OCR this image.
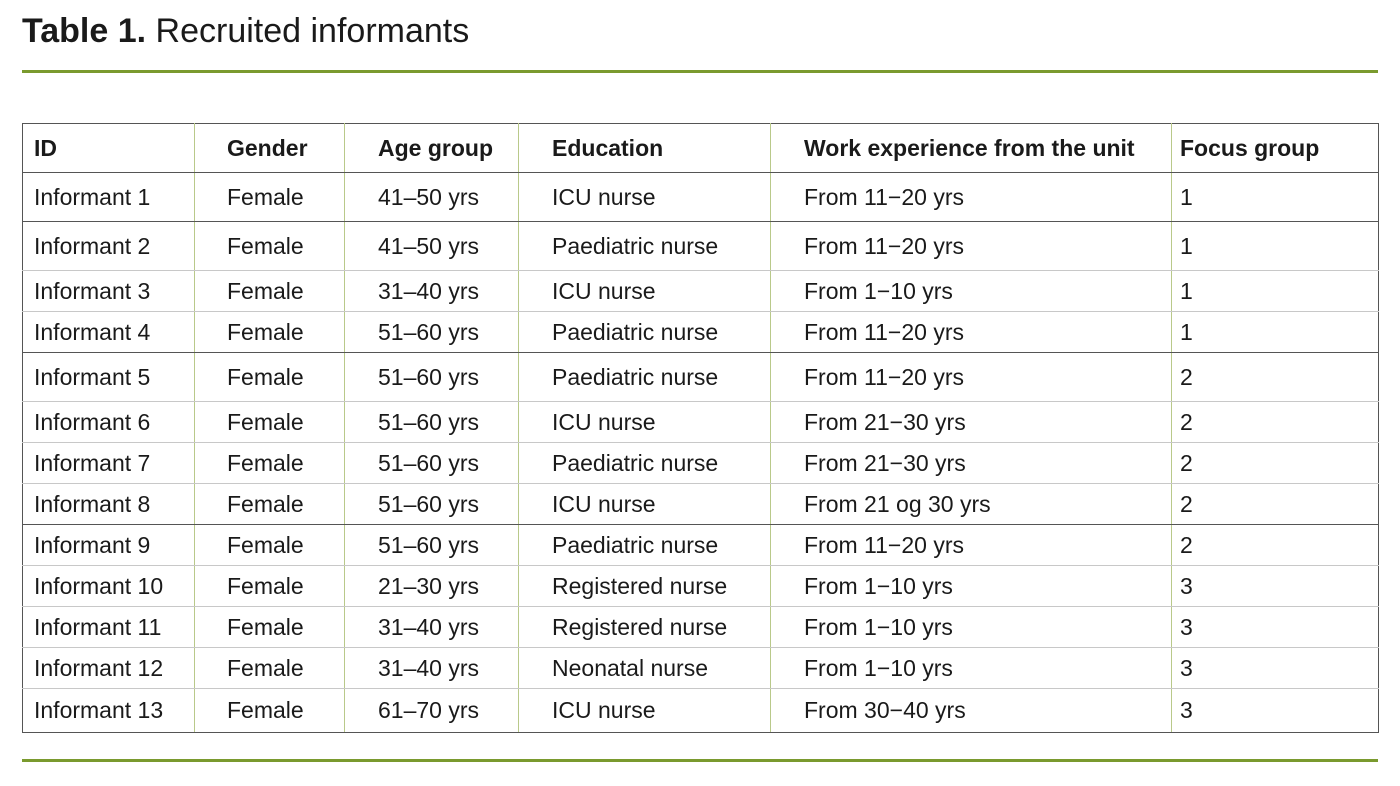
Table 1. Recruited informants
ID	Gender	Age group	Education	Work experience from the unit	Focus group
Informant 1	Female	41–50 yrs	ICU nurse	From 11−20 yrs	1
Informant 2	Female	41–50 yrs	Paediatric nurse	From 11−20 yrs	1
Informant 3	Female	31–40 yrs	ICU nurse	From 1−10 yrs	1
Informant 4	Female	51–60 yrs	Paediatric nurse	From 11−20 yrs	1
Informant 5	Female	51–60 yrs	Paediatric nurse	From 11−20 yrs	2
Informant 6	Female	51–60 yrs	ICU nurse	From 21−30 yrs	2
Informant 7	Female	51–60 yrs	Paediatric nurse	From 21−30 yrs	2
Informant 8	Female	51–60 yrs	ICU nurse	From 21 og 30 yrs	2
Informant 9	Female	51–60 yrs	Paediatric nurse	From 11−20 yrs	2
Informant 10	Female	21–30 yrs	Registered nurse	From 1−10 yrs	3
Informant 11	Female	31–40 yrs	Registered nurse	From 1−10 yrs	3
Informant 12	Female	31–40 yrs	Neonatal nurse	From 1−10 yrs	3
Informant 13	Female	61–70 yrs	ICU nurse	From 30−40 yrs	3
